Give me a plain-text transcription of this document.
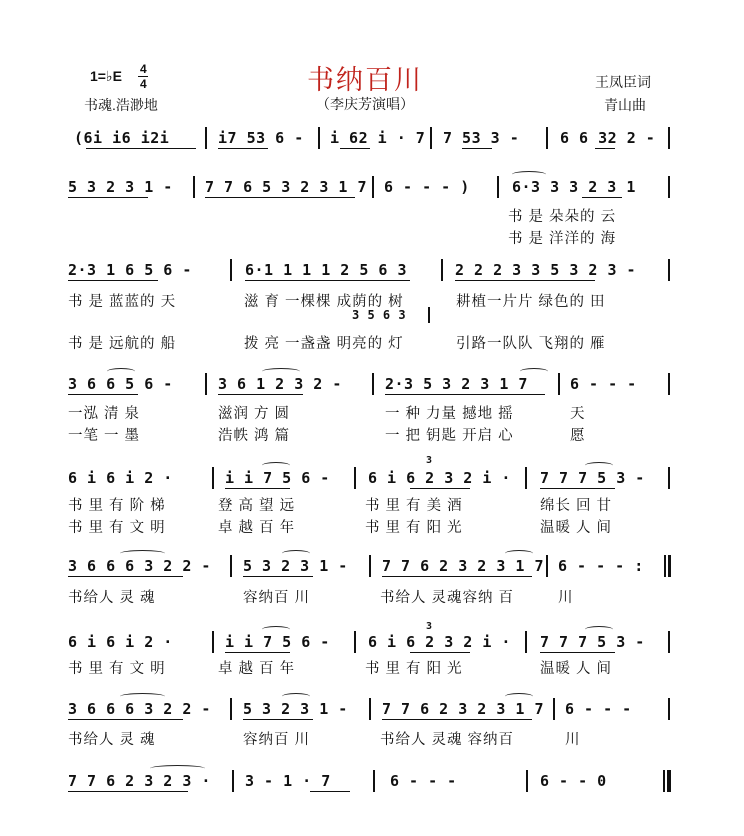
1=♭E 4
4
书魂.浩渺地
书纳百川
（李庆芳演唱）
王凤臣词
青山曲
(6i i6 i2i	i7 53 6 - i 62 i · 7 7 53 3 -	6 6 32 2 -
5 3 2 3 1 - 7 7 6 5 3 2 3 1 7 6 - - - )	6·3 3 3 2 3 1
书 是 朵朵的 云
书 是 洋洋的 海
2·3 1 6 5 6 -	6·1 1 1 1 2 5 6 3	2 2 2 3 3 5 3 2 3 -
书 是 蓝蓝的 天	滋 育 一棵棵 成荫的 树	耕植一片片 绿色的 田
3 5 6 3
书 是 远航的 船	拨 亮 一盏盏 明亮的 灯	引路一队队 飞翔的 雁
3 6 6 5 6 -	3 6 1 2 3 2 -	2·3 5 3 2 3 1 7	6 - - -
一泓 清 泉	滋润 方 圆	一 种 力量 撼地 摇	天
一笔 一 墨	浩帙 鸿 篇	一 把 钥匙 开启 心	愿
3
6 i 6 i 2 ·	i i 7 5 6 -	6 i 6 2 3 2 i · 7 7 7 5 3 -
书 里 有 阶 梯	登 高 望 远	书 里 有 美 酒	绵长 回 甘
书 里 有 文 明	卓 越 百 年	书 里 有 阳 光	温暖 人 间
3 6 6 6 3 2 2 - 5 3 2 3 1 - 7 7 6 2 3 2 3 1 7 6 - - - :
书给人 灵 魂	容纳百 川	书给人 灵魂容纳 百	川
3
6 i 6 i 2 ·	i i 7 5 6 -	6 i 6 2 3 2 i · 7 7 7 5 3 -
书 里 有 文 明	卓 越 百 年	书 里 有 阳 光	温暖 人 间
3 6 6 6 3 2 2 - 5 3 2 3 1 - 7 7 6 2 3 2 3 1 7 6 - - -
书给人 灵 魂	容纳百 川	书给人 灵魂 容纳百	川
7 7 6 2 3 2 3 · 3 - 1 · 7	6 - - -	6 - - 0
